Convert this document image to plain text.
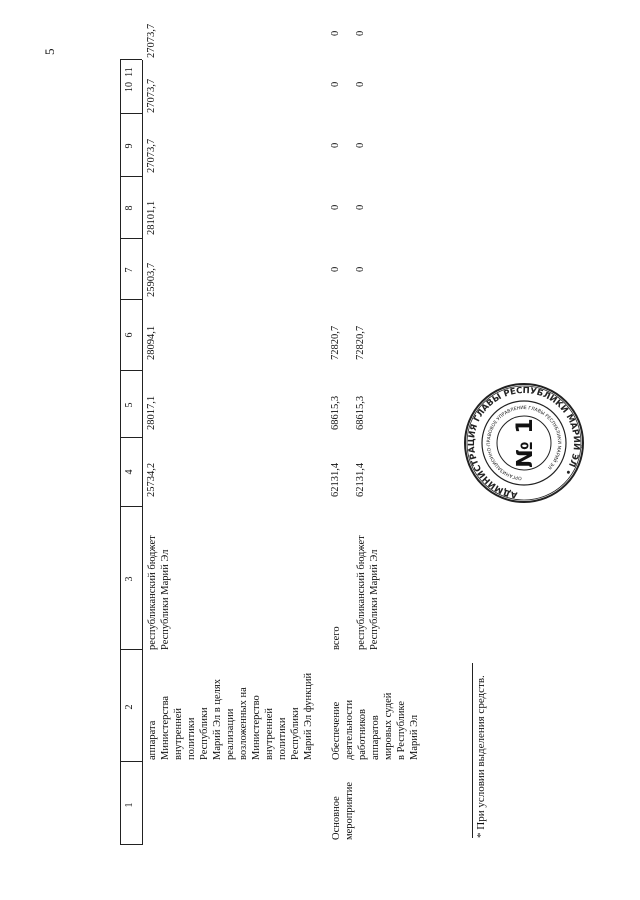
5
1
2
3
4
5
6
7
8
9
10
11
аппарата Министерства внутренней политики Республики Марий Эл в целях реализации возложенных на Министерство внутренней политики Республики Марий Эл функций
республиканский бюджет Республики Марий Эл
25734,2
28017,1
28094,1
25903,7
28101,1
27073,7
27073,7
27073,7
Основное мероприятие
Обеспечение деятельности работников аппаратов мировых судей в Республике Марий Эл
всего
62131,4
68615,3
72820,7
0
0
0
0
0
республиканский бюджет Республики Марий Эл
62131,4
68615,3
72820,7
0
0
0
0
0
* При условии выделения средств.
АДМИНИСТРАЦИЯ ГЛАВЫ РЕСПУБЛИКИ МАРИЙ ЭЛ •
ОРГАНИЗАЦИОННО-ПРАВОВОЕ УПРАВЛЕНИЕ ГЛАВЫ РЕСПУБЛИКИ МАРИЙ ЭЛ
№ 1
